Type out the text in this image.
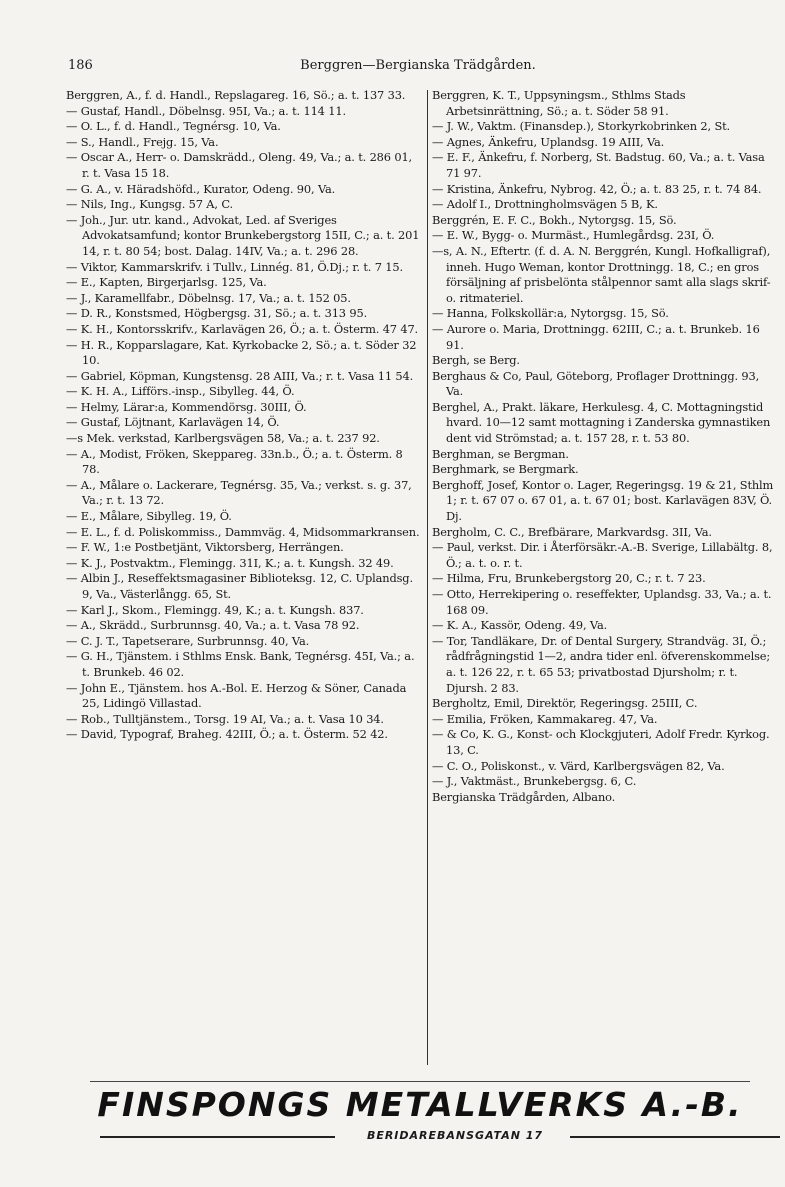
186	Berggren—Bergianska Trädgården.

Berggren, A., f. d. Handl., Repslagareg. 16, Sö.; a. t. 137 33.

— Gustaf, Handl., Döbelnsg. 95I, Va.; a. t. 114 11.

— O. L., f. d. Handl., Tegnérsg. 10, Va.

— S., Handl., Frejg. 15, Va.

— Oscar A., Herr- o. Damskrädd., Oleng. 49, Va.; a. t. 286 01, r. t. Vasa 15 18.

— G. A., v. Häradshöfd., Kurator, Odeng. 90, Va.

— Nils, Ing., Kungsg. 57 A, C.

— Joh., Jur. utr. kand., Advokat, Led. af Sveriges Advokatsamfund; kontor Brunkebergstorg 15II, C.; a. t. 201 14, r. t. 80 54; bost. Dalag. 14IV, Va.; a. t. 296 28.

— Viktor, Kammarskrifv. i Tullv., Linnég. 81, Ö.Dj.; r. t. 7 15.

— E., Kapten, Birgerjarlsg. 125, Va.

— J., Karamellfabr., Döbelnsg. 17, Va.; a. t. 152 05.

— D. R., Konstsmed, Högbergsg. 31, Sö.; a. t. 313 95.

— K. H., Kontorsskrifv., Karlavägen 26, Ö.; a. t. Österm. 47 47.

— H. R., Kopparslagare, Kat. Kyrkobacke 2, Sö.; a. t. Söder 32 10.

— Gabriel, Köpman, Kungstensg. 28 AIII, Va.; r. t. Vasa 11 54.

— K. H. A., Lifförs.-insp., Sibylleg. 44, Ö.

— Helmy, Lärar:a, Kommendörsg. 30III, Ö.

— Gustaf, Löjtnant, Karlavägen 14, Ö.

—s Mek. verkstad, Karlbergsvägen 58, Va.; a. t. 237 92.

— A., Modist, Fröken, Skeppareg. 33n.b., Ö.; a. t. Österm. 8 78.

— A., Målare o. Lackerare, Tegnérsg. 35, Va.; verkst. s. g. 37, Va.; r. t. 13 72.

— E., Målare, Sibylleg. 19, Ö.

— E. L., f. d. Poliskommiss., Dammväg. 4, Midsommarkransen.

— F. W., 1:e Postbetjänt, Viktorsberg, Herrängen.

— K. J., Postvaktm., Flemingg. 31I, K.; a. t. Kungsh. 32 49.

— Albin J., Reseffektsmagasiner Biblioteksg. 12, C. Uplandsg. 9, Va., Västerlångg. 65, St.

— Karl J., Skom., Flemingg. 49, K.; a. t. Kungsh. 837.

— A., Skrädd., Surbrunnsg. 40, Va.; a. t. Vasa 78 92.

— C. J. T., Tapetserare, Surbrunnsg. 40, Va.

— G. H., Tjänstem. i Sthlms Ensk. Bank, Tegnérsg. 45I, Va.; a. t. Brunkeb. 46 02.

— John E., Tjänstem. hos A.-Bol. E. Herzog & Söner, Canada 25, Lidingö Villastad.

— Rob., Tulltjänstem., Torsg. 19 AI, Va.; a. t. Vasa 10 34.

— David, Typograf, Braheg. 42III, Ö.; a. t. Österm. 52 42.

Berggren, K. T., Uppsyningsm., Sthlms Stads Arbetsinrättning, Sö.; a. t. Söder 58 91.

— J. W., Vaktm. (Finansdep.), Storkyrkobrinken 2, St.

— Agnes, Änkefru, Uplandsg. 19 AIII, Va.

— E. F., Änkefru, f. Norberg, St. Badstug. 60, Va.; a. t. Vasa 71 97.

— Kristina, Änkefru, Nybrog. 42, Ö.; a. t. 83 25, r. t. 74 84.

— Adolf I., Drottningholmsvägen 5 B, K.

Berggrén, E. F. C., Bokh., Nytorgsg. 15, Sö.

— E. W., Bygg- o. Murmäst., Humlegårdsg. 23I, Ö.

—s, A. N., Eftertr. (f. d. A. N. Berggrén, Kungl. Hofkalligraf), inneh. Hugo Weman, kontor Drottningg. 18, C.; en gros försäljning af prisbelönta stålpennor samt alla slags skrif- o. ritmateriel.

— Hanna, Folkskollär:a, Nytorgsg. 15, Sö.

— Aurore o. Maria, Drottningg. 62III, C.; a. t. Brunkeb. 16 91.

Bergh, se Berg.

Berghaus & Co, Paul, Göteborg, Proflager Drottningg. 93, Va.

Berghel, A., Prakt. läkare, Herkulesg. 4, C. Mottagningstid hvard. 10—12 samt mottagning i Zanderska gymnastiken dent vid Strömstad; a. t. 157 28, r. t. 53 80.

Berghman, se Bergman.

Berghmark, se Bergmark.

Berghoff, Josef, Kontor o. Lager, Regeringsg. 19 & 21, Sthlm 1; r. t. 67 07 o. 67 01, a. t. 67 01; bost. Karlavägen 83V, Ö. Dj.

Bergholm, C. C., Brefbärare, Markvardsg. 3II, Va.

— Paul, verkst. Dir. i Återförsäkr.-A.-B. Sverige, Lillabältg. 8, Ö.; a. t. o. r. t.

— Hilma, Fru, Brunkebergstorg 20, C.; r. t. 7 23.

— Otto, Herrekipering o. reseffekter, Uplandsg. 33, Va.; a. t. 168 09.

— K. A., Kassör, Odeng. 49, Va.

— Tor, Tandläkare, Dr. of Dental Surgery, Strandväg. 3I, Ö.; rådfrågningstid 1—2, andra tider enl. öfverenskommelse; a. t. 126 22, r. t. 65 53; privatbostad Djursholm; r. t. Djursh. 2 83.

Bergholtz, Emil, Direktör, Regeringsg. 25III, C.

— Emilia, Fröken, Kammakareg. 47, Va.

— & Co, K. G., Konst- och Klockgjuteri, Adolf Fredr. Kyrkog. 13, C.

— C. O., Poliskonst., v. Värd, Karlbergsvägen 82, Va.

— J., Vaktmäst., Brunkebergsg. 6, C.

Bergianska Trädgården, Albano.

FINSPONGS METALLVERKS A.-B.
BERIDAREBANSGATAN 17
